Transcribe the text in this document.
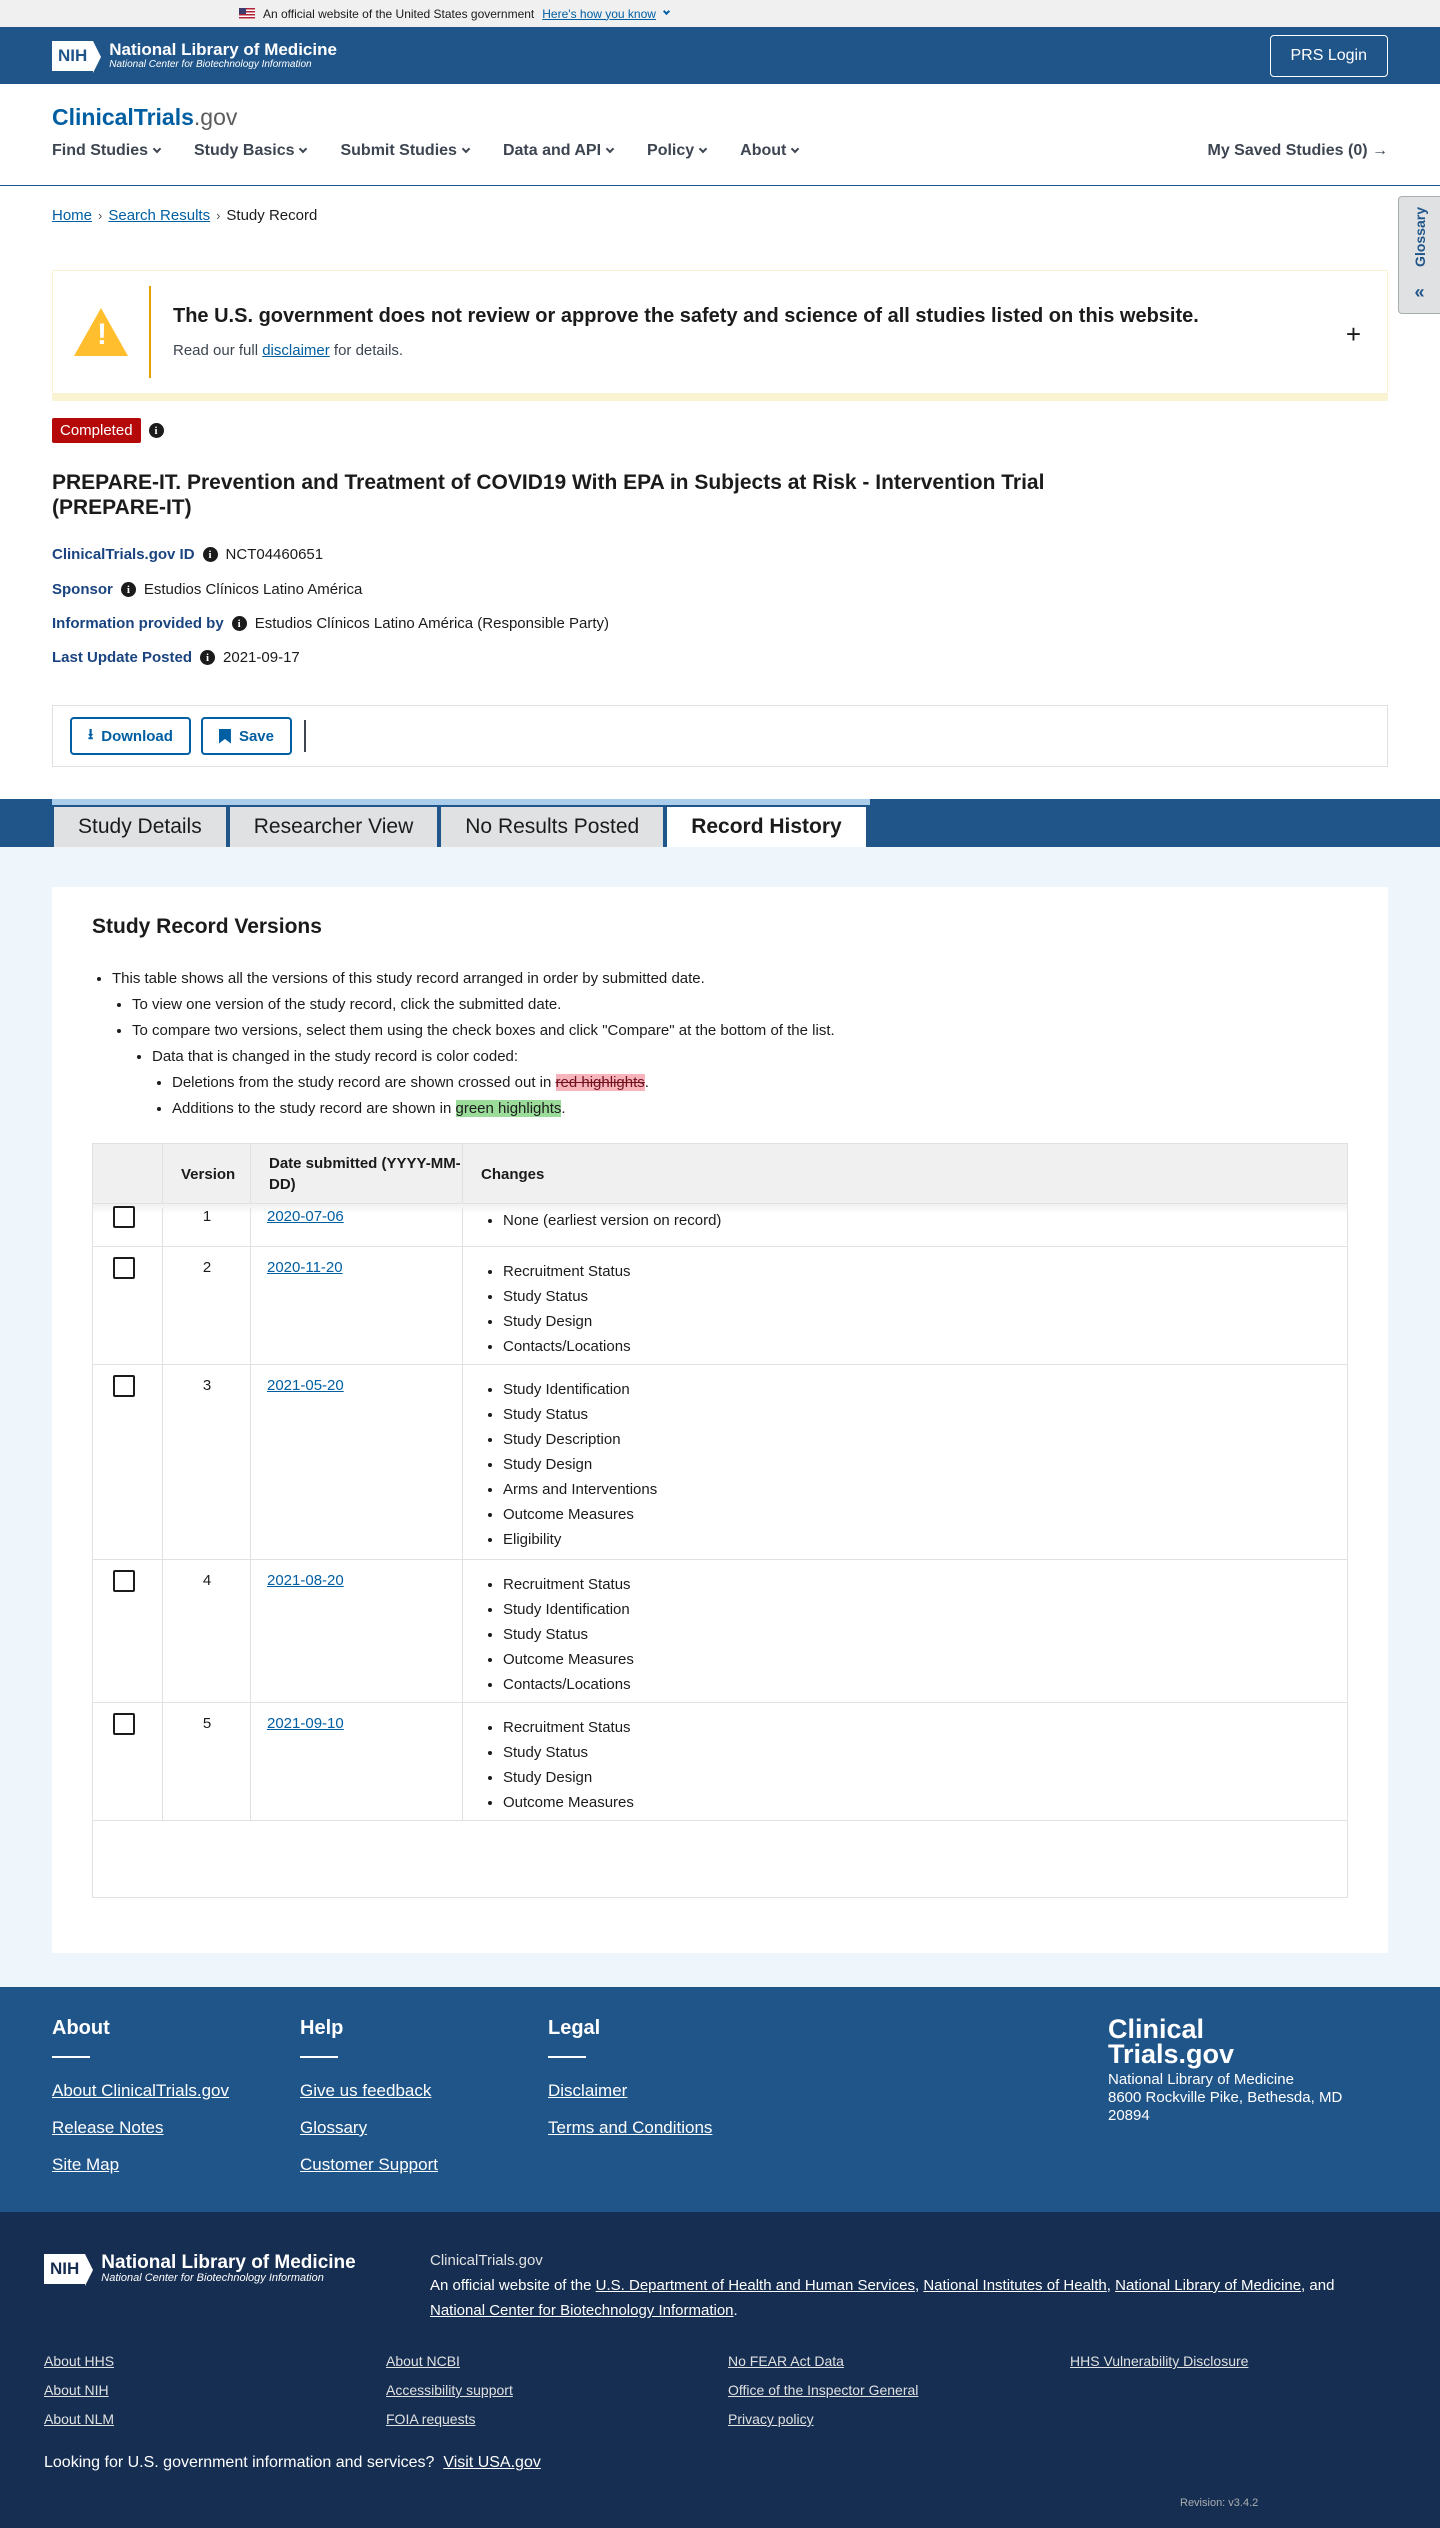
An official website of the United States government Here's how you know
NIH	National Library of Medicine
National Center for Biotechnology Information
PRS Login
ClinicalTrials.gov
Find Studies	Study Basics	Submit Studies	Data and API	Policy	About	My Saved Studies (0) →
Home › Search Results › Study Record	Glossary
«
!
The U.S. government does not review or approve the safety and science of all studies listed on this website.
Read our full disclaimer for details.
+
Completed	i
PREPARE-IT. Prevention and Treatment of COVID19 With EPA in Subjects at Risk - Intervention Trial (PREPARE-IT)
ClinicalTrials.gov ID	i NCT04460651
Sponsor	i Estudios Clínicos Latino América
Information provided by	i Estudios Clínicos Latino América (Responsible Party)
Last Update Posted	i 2021-09-17
⭳ Download	Save
Study Details	Researcher View	No Results Posted	Record History
Study Record Versions
• This table shows all the versions of this study record arranged in order by submitted date.
• To view one version of the study record, click the submitted date.
• To compare two versions, select them using the check boxes and click "Compare" at the bottom of the list.
• Data that is changed in the study record is color coded:
• Deletions from the study record are shown crossed out in red highlights.
• Additions to the study record are shown in green highlights.
Version
Date submitted (YYYY-MM-DD)
Changes
1	2020-07-06	• None (earliest version on record)
2	2020-11-20	• Recruitment Status
• Study Status
• Study Design
• Contacts/Locations
3	2021-05-20	• Study Identification
• Study Status
• Study Description
• Study Design
• Arms and Interventions
• Outcome Measures
• Eligibility
4	2021-08-20	• Recruitment Status
• Study Identification
• Study Status
• Outcome Measures
• Contacts/Locations
5	2021-09-10	• Recruitment Status
• Study Status
• Study Design
• Outcome Measures
About
About ClinicalTrials.gov
Release Notes
Site Map
Help
Give us feedback
Glossary
Customer Support
Legal
Disclaimer
Terms and Conditions
Clinical
Trials.gov
National Library of Medicine
8600 Rockville Pike, Bethesda, MD
20894
NIH	National Library of Medicine
National Center for Biotechnology Information
ClinicalTrials.gov
An official website of the U.S. Department of Health and Human Services, National Institutes of Health, National Library of Medicine, and National Center for Biotechnology Information.
About HHS
About NIH
About NLM
About NCBI
Accessibility support
FOIA requests
No FEAR Act Data
Office of the Inspector General
Privacy policy
HHS Vulnerability Disclosure
Looking for U.S. government information and services? Visit USA.gov
Revision: v3.4.2
